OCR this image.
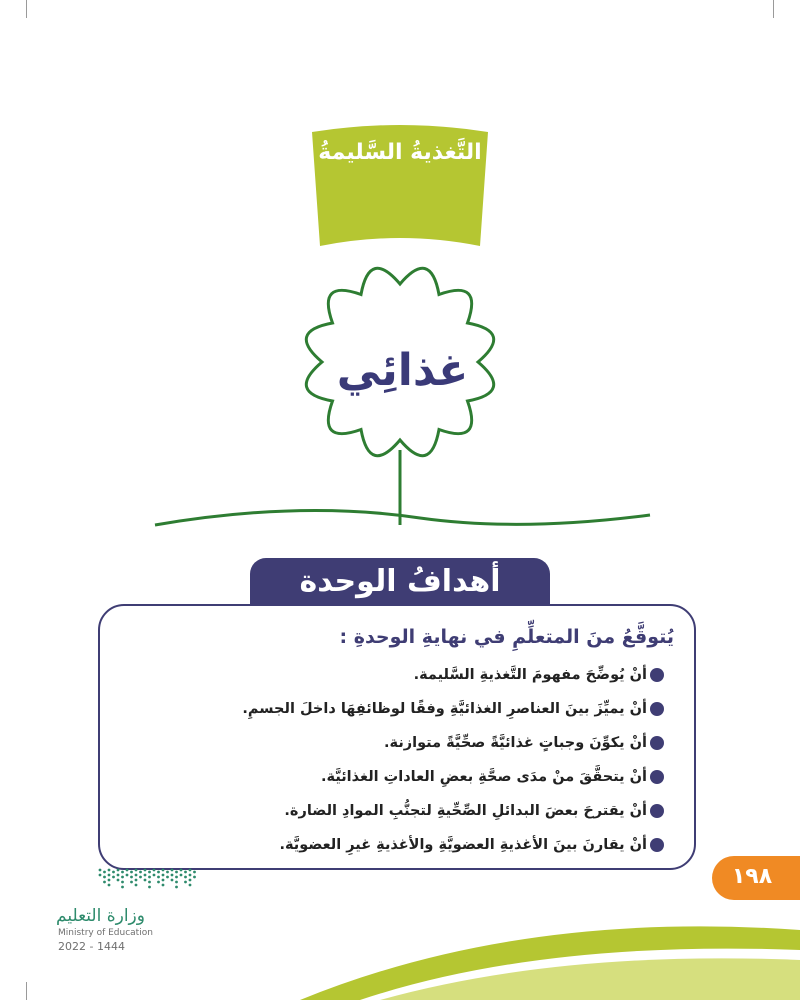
التَّغذيةُ السَّليمةُ
غذائِي
أهدافُ الوحدة
يُتوقَّعُ منَ المتعلِّمِ في نهايةِ الوحدةِ :
أنْ يُوضِّحَ مفهومَ التَّغذيةِ السَّليمة.
أنْ يميِّزَ بينَ العناصرِ الغذائيَّةِ وفقًا لوظائفِهَا داخلَ الجسمِ.
أنْ يكوِّنَ وجباتٍ غذائيَّةً صحِّيَّةً متوازنة.
أنْ يتحقَّقَ منْ مدَى صحَّةِ بعضِ العاداتِ الغذائيَّة.
أنْ يقترحَ بعضَ البدائلِ الصِّحِّيةِ لتجنُّبِ الموادِ الضارة.
أنْ يقارنَ بينَ الأغذيةِ العضويَّةِ والأغذيةِ غيرِ العضويَّة.
١٩٨
وزارة التعليم
Ministry of Education
2022 - 1444
